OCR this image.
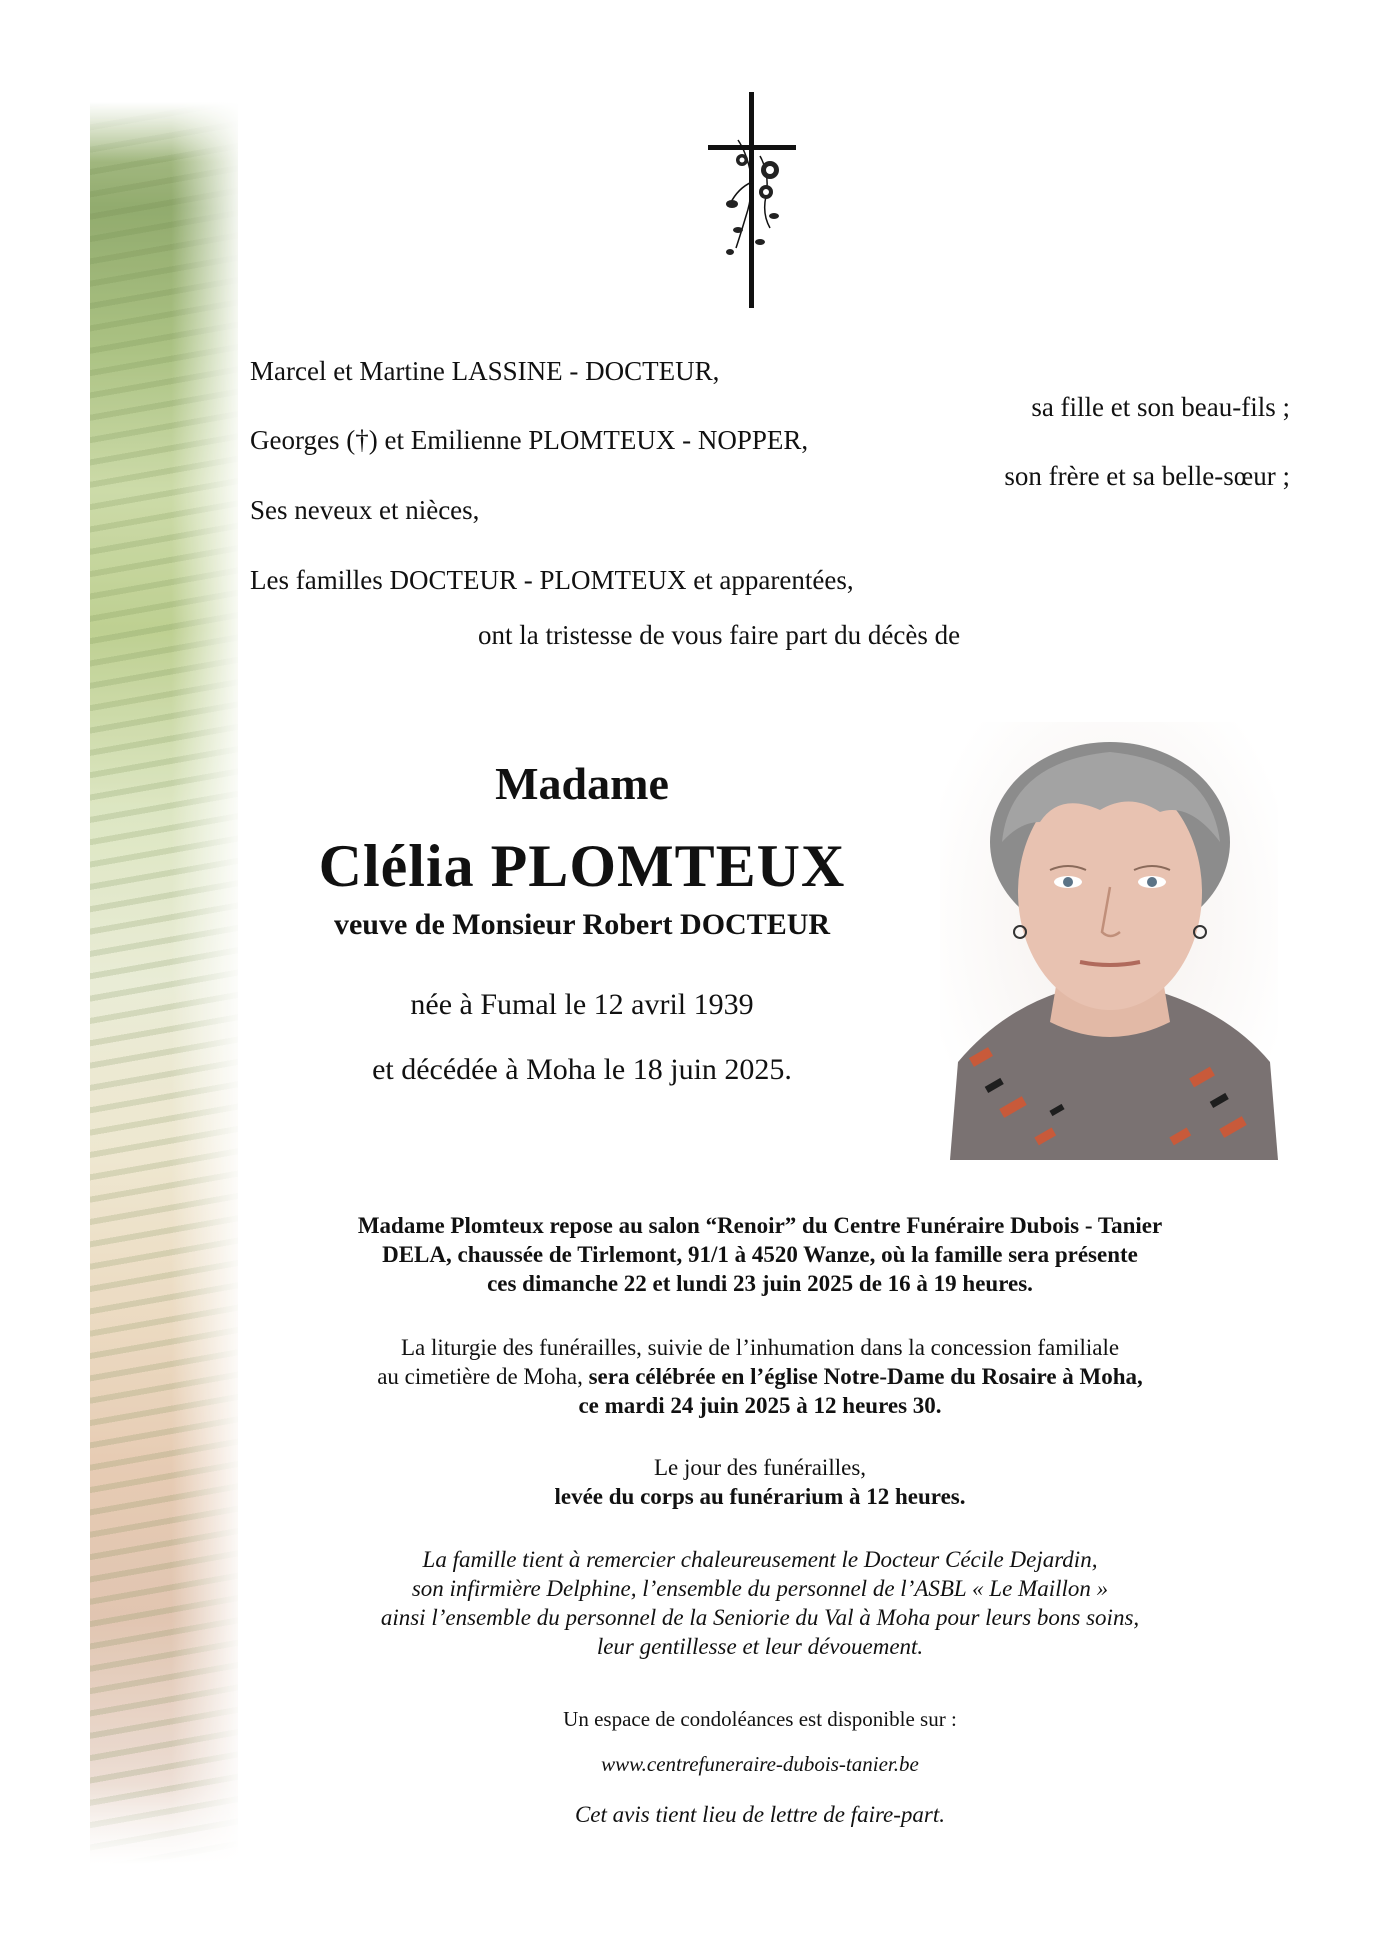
Marcel et Martine LASSINE - DOCTEUR,
sa fille et son beau-fils ;
Georges (†) et Emilienne PLOMTEUX - NOPPER,
son frère et sa belle-sœur ;
Ses neveux et nièces,
Les familles DOCTEUR - PLOMTEUX et apparentées,
ont la tristesse de vous faire part du décès de
Madame
Clélia PLOMTEUX
veuve de Monsieur Robert DOCTEUR
née à Fumal le 12 avril 1939
et décédée à Moha le 18 juin 2025.
Madame Plomteux repose au salon “Renoir” du Centre Funéraire Dubois - Tanier
DELA, chaussée de Tirlemont, 91/1 à 4520 Wanze, où la famille sera présente
ces dimanche 22 et lundi 23 juin 2025 de 16 à 19 heures.
La liturgie des funérailles, suivie de l’inhumation dans la concession familiale
au cimetière de Moha, sera célébrée en l’église Notre-Dame du Rosaire à Moha,
ce mardi 24 juin 2025 à 12 heures 30.
Le jour des funérailles,
levée du corps au funérarium à 12 heures.
La famille tient à remercier chaleureusement le Docteur Cécile Dejardin,
son infirmière Delphine, l’ensemble du personnel de l’ASBL « Le Maillon »
ainsi l’ensemble du personnel de la Seniorie du Val à Moha pour leurs bons soins,
leur gentillesse et leur dévouement.
Un espace de condoléances est disponible sur :
www.centrefuneraire-dubois-tanier.be
Cet avis tient lieu de lettre de faire-part.
